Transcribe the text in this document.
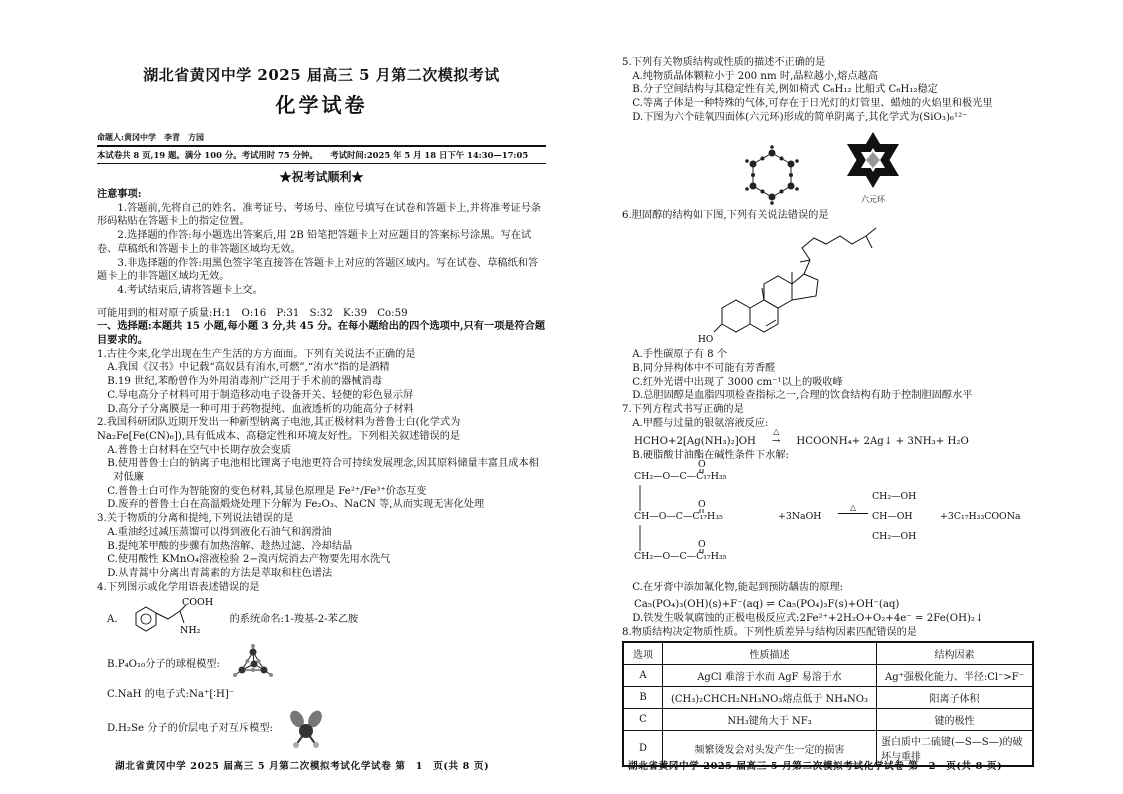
湖北省黄冈中学 2025 届高三 5 月第二次模拟考试
化学试卷
命题人:黄冈中学　李青　方园
本试卷共 8 页,19 题。满分 100 分。考试用时 75 分钟。　　考试时间:2025 年 5 月 18 日下午 14:30—17:05
★祝考试顺利★
注意事项:
1.答题前,先将自己的姓名、准考证号、考场号、座位号填写在试卷和答题卡上,并将准考证号条形码粘贴在答题卡上的指定位置。
2.选择题的作答:每小题选出答案后,用 2B 铅笔把答题卡上对应题目的答案标号涂黑。写在试卷、草稿纸和答题卡上的非答题区域均无效。
3.非选择题的作答:用黑色签字笔直接答在答题卡上对应的答题区域内。写在试卷、草稿纸和答题卡上的非答题区域均无效。
4.考试结束后,请将答题卡上交。
可能用到的相对原子质量:H:1　O:16　P:31　S:32　K:39　Co:59
一、选择题:本题共 15 小题,每小题 3 分,共 45 分。在每小题给出的四个选项中,只有一项是符合题目要求的。
1.古往今来,化学出现在生产生活的方方面面。下列有关说法不正确的是
A.我国《汉书》中记载“高奴县有洧水,可燃”,“洧水”指的是酒精
B.19 世纪,苯酚曾作为外用消毒剂广泛用于手术前的器械消毒
C.导电高分子材料可用于制造移动电子设备开关、轻便的彩色显示屏
D.高分子分离膜是一种可用于药物提纯、血液透析的功能高分子材料
2.我国科研团队近期开发出一种新型钠离子电池,其正极材料为普鲁士白(化学式为 Na₂Fe[Fe(CN)₆]),具有低成本、高稳定性和环境友好性。下列相关叙述错误的是
A.普鲁士白材料在空气中长期存放会变质
B.使用普鲁士白的钠离子电池相比锂离子电池更符合可持续发展理念,因其原料储量丰富且成本相对低廉
C.普鲁士白可作为智能窗的变色材料,其显色原理是 Fe²⁺/Fe³⁺价态互变
D.废弃的普鲁士白在高温煅烧处理下分解为 Fe₂O₃、NaCN 等,从而实现无害化处理
3.关于物质的分离和提纯,下列说法错误的是
A.重油经过减压蒸馏可以得到液化石油气和润滑油
B.提纯苯甲酸的步骤有加热溶解、趁热过滤、冷却结晶
C.使用酸性 KMnO₄溶液检验 2−溴丙烷消去产物要先用水洗气
D.从青蒿中分离出青蒿素的方法是萃取和柱色谱法
4.下列图示或化学用语表述错误的是
A.
COOH
NH₂
的系统命名:1-羧基-2-苯乙胺
B.P₄O₁₀分子的球棍模型:
C.NaH 的电子式:Na⁺[∶H]⁻
D.H₂Se 分子的价层电子对互斥模型:
湖北省黄冈中学 2025 届高三 5 月第二次模拟考试化学试卷 第　1　页(共 8 页)
5.下列有关物质结构或性质的描述不正确的是
A.纯物质晶体颗粒小于 200 nm 时,晶粒越小,熔点越高
B.分子空间结构与其稳定性有关,例如椅式 C₆H₁₂ 比船式 C₆H₁₂稳定
C.等离子体是一种特殊的气体,可存在于日光灯的灯管里、蜡烛的火焰里和极光里
D.下图为六个硅氧四面体(六元环)形成的简单阴离子,其化学式为(SiO₃)₆¹²⁻
六元环
6.胆固醇的结构如下图,下列有关说法错误的是
HO
A.手性碳原子有 8 个
B.同分异构体中不可能有芳香醛
C.红外光谱中出现了 3000 cm⁻¹以上的吸收峰
D.总胆固醇是血脂四项检查指标之一,合理的饮食结构有助于控制胆固醇水平
7.下列方程式书写正确的是
A.甲醛与过量的银氨溶液反应:
HCHO+2[Ag(NH₃)₂]OH
△
→ HCOONH₄+ 2Ag↓ + 3NH₃+ H₂O
B.硬脂酸甘油酯在碱性条件下水解:
CH₂—O—C—C₁₇H₃₅
CH—O—C—C₁₇H₃₅
CH₂—O—C—C₁₇H₃₅
O
O
O
+3NaOH
△
CH₂—OH
CH—OH
CH₂—OH
+3C₁₇H₃₃COONa
C.在牙膏中添加氟化物,能起到预防龋齿的原理:
Ca₅(PO₄)₃(OH)(s)+F⁻(aq) ⇌ Ca₅(PO₄)₃F(s)+OH⁻(aq)
D.铁发生吸氧腐蚀的正极电极反应式:2Fe²⁺+2H₂O+O₂+4e⁻ = 2Fe(OH)₂↓
8.物质结构决定物质性质。下列性质差异与结构因素匹配错误的是
选项	性质描述	结构因素
A	AgCl 难溶于水而 AgF 易溶于水	Ag⁺强极化能力、半径:Cl⁻>F⁻
B	(CH₃)₂CHCH₂NH₃NO₃熔点低于 NH₄NO₃	阳离子体积
C	NH₃键角大于 NF₃	键的极性
D	频繁烫发会对头发产生一定的损害	蛋白质中二硫键(—S—S—)的破坏与重排
湖北省黄冈中学 2025 届高三 5 月第二次模拟考试化学试卷 第　2　页(共 8 页)
